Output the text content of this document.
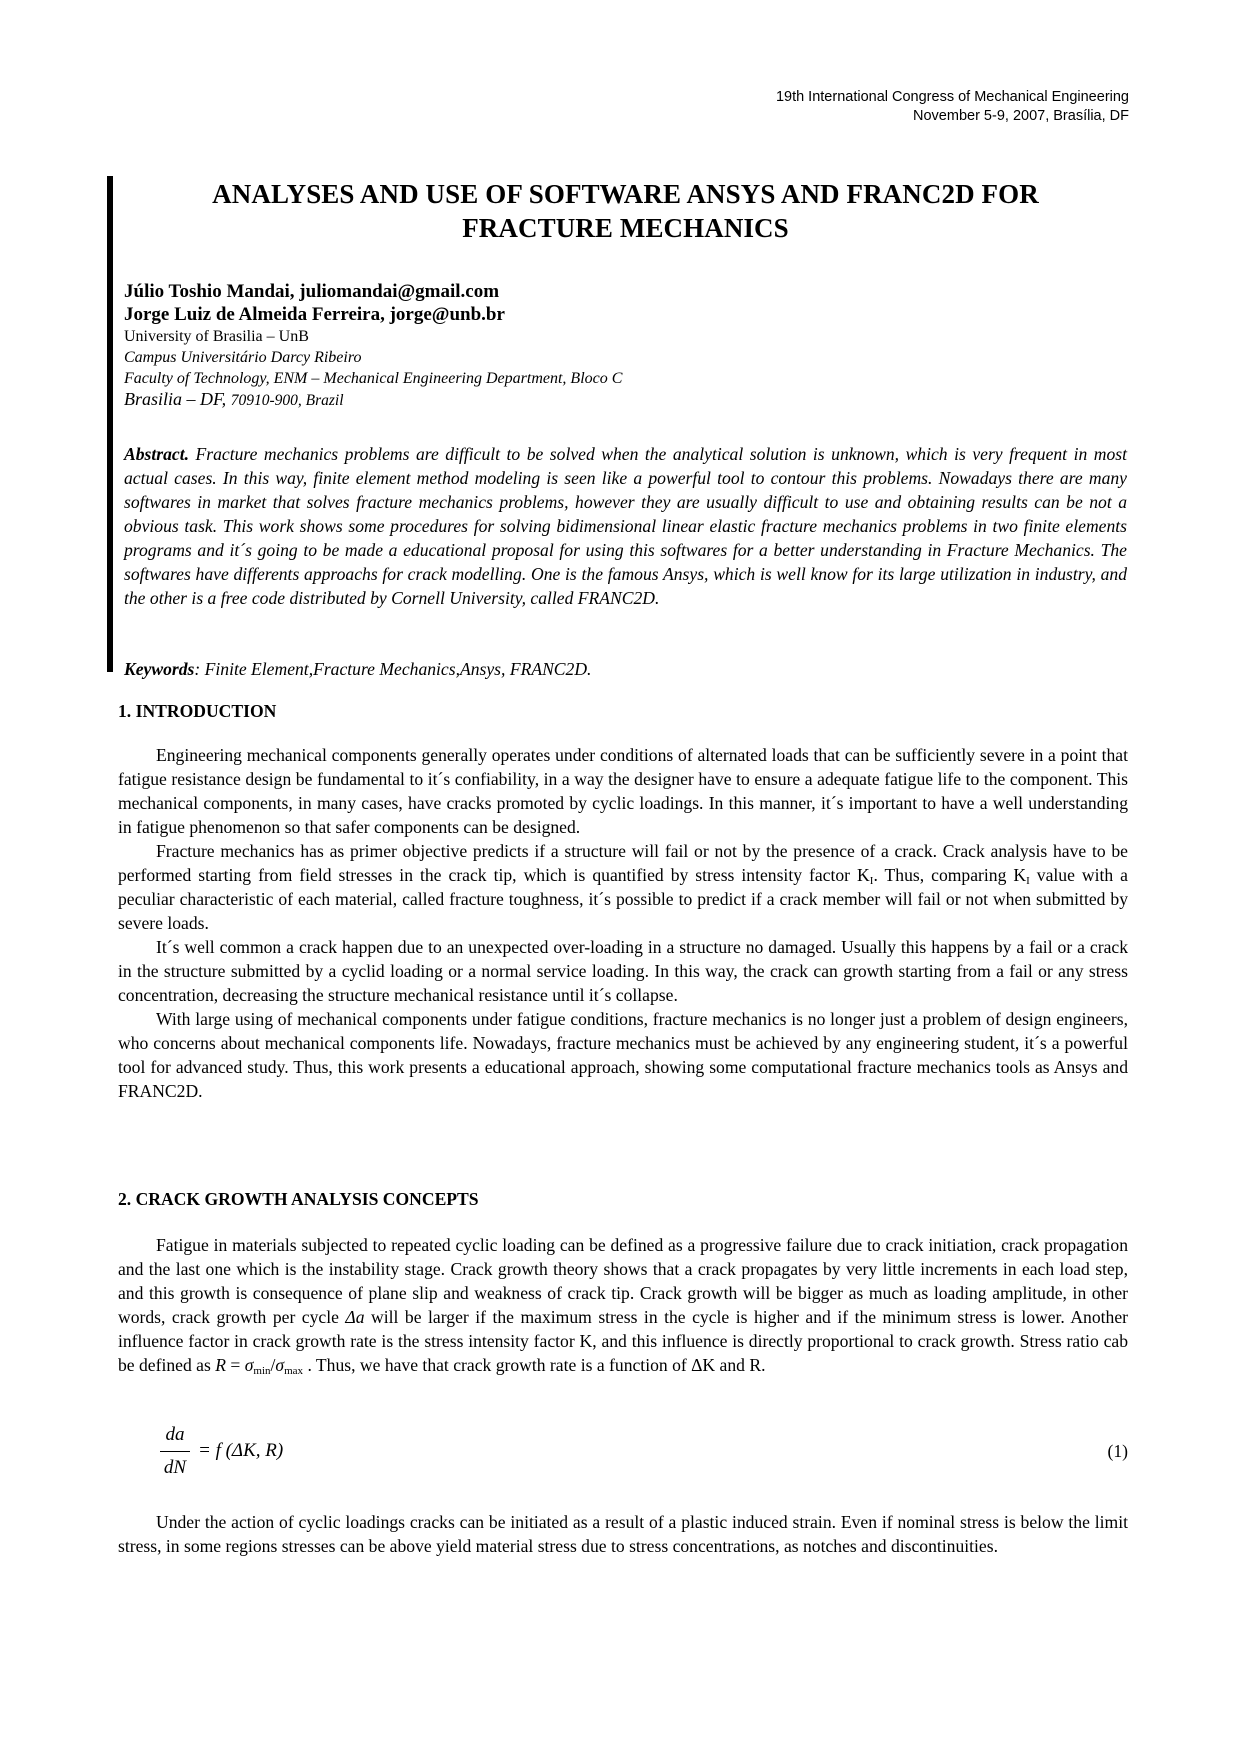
19th International Congress of Mechanical Engineering
November 5-9, 2007, Brasília, DF
ANALYSES AND USE OF SOFTWARE ANSYS AND FRANC2D FOR
FRACTURE MECHANICS
Júlio Toshio Mandai, juliomandai@gmail.com
Jorge Luiz de Almeida Ferreira, jorge@unb.br
University of Brasilia – UnB
Campus Universitário Darcy Ribeiro
Faculty of Technology, ENM – Mechanical Engineering Department, Bloco C
Brasilia – DF, 70910-900, Brazil
Abstract. Fracture mechanics problems are difficult to be solved when the analytical solution is unknown, which is very frequent in most actual cases. In this way, finite element method modeling is seen like a powerful tool to contour this problems. Nowadays there are many softwares in market that solves fracture mechanics problems, however they are usually difficult to use and obtaining results can be not a obvious task. This work shows some procedures for solving bidimensional linear elastic fracture mechanics problems in two finite elements programs and it´s going to be made a educational proposal for using this softwares for a better understanding in Fracture Mechanics. The softwares have differents approachs for crack modelling. One is the famous Ansys, which is well know for its large utilization in industry, and the other is a free code distributed by Cornell University, called FRANC2D.
Keywords: Finite Element,Fracture Mechanics,Ansys, FRANC2D.
1. INTRODUCTION

Engineering mechanical components generally operates under conditions of alternated loads that can be sufficiently severe in a point that fatigue resistance design be fundamental to it´s confiability, in a way the designer have to ensure a adequate fatigue life to the component. This mechanical components, in many cases, have cracks promoted by cyclic loadings. In this manner, it´s important to have a well understanding in fatigue phenomenon so that safer components can be designed.

Fracture mechanics has as primer objective predicts if a structure will fail or not by the presence of a crack. Crack analysis have to be performed starting from field stresses in the crack tip, which is quantified by stress intensity factor $K_I$. Thus, comparing $K_I$ value with a peculiar characteristic of each material, called fracture toughness, it´s possible to predict if a crack member will fail or not when submitted by severe loads.

It´s well common a crack happen due to an unexpected over-loading in a structure no damaged. Usually this happens by a fail or a crack in the structure submitted by a cyclid loading or a normal service loading. In this way, the crack can growth starting from a fail or any stress concentration, decreasing the structure mechanical resistance until it´s collapse.

With large using of mechanical components under fatigue conditions, fracture mechanics is no longer just a problem of design engineers, who concerns about mechanical components life. Nowadays, fracture mechanics must be achieved by any engineering student, it´s a powerful tool for advanced study. Thus, this work presents a educational approach, showing some computational fracture mechanics tools as Ansys and FRANC2D.

2. CRACK GROWTH ANALYSIS CONCEPTS

Fatigue in materials subjected to repeated cyclic loading can be defined as a progressive failure due to crack initiation, crack propagation and the last one which is the instability stage. Crack growth theory shows that a crack propagates by very little increments in each load step, and this growth is consequence of plane slip and weakness of crack tip. Crack growth will be bigger as much as loading amplitude, in other words, crack growth per cycle Δa will be larger if the maximum stress in the cycle is higher and if the minimum stress is lower. Another influence factor in crack growth rate is the stress intensity factor K, and this influence is directly proportional to crack growth. Stress ratio cab be defined as $R = \sigma_{min}/\sigma_{max}$ . Thus, we have that crack growth rate is a function of ΔK and R.

da
dN
= f (ΔK, R)	(1)

Under the action of cyclic loadings cracks can be initiated as a result of a plastic induced strain. Even if nominal stress is below the limit stress, in some regions stresses can be above yield material stress due to stress concentrations, as notches and discontinuities.
